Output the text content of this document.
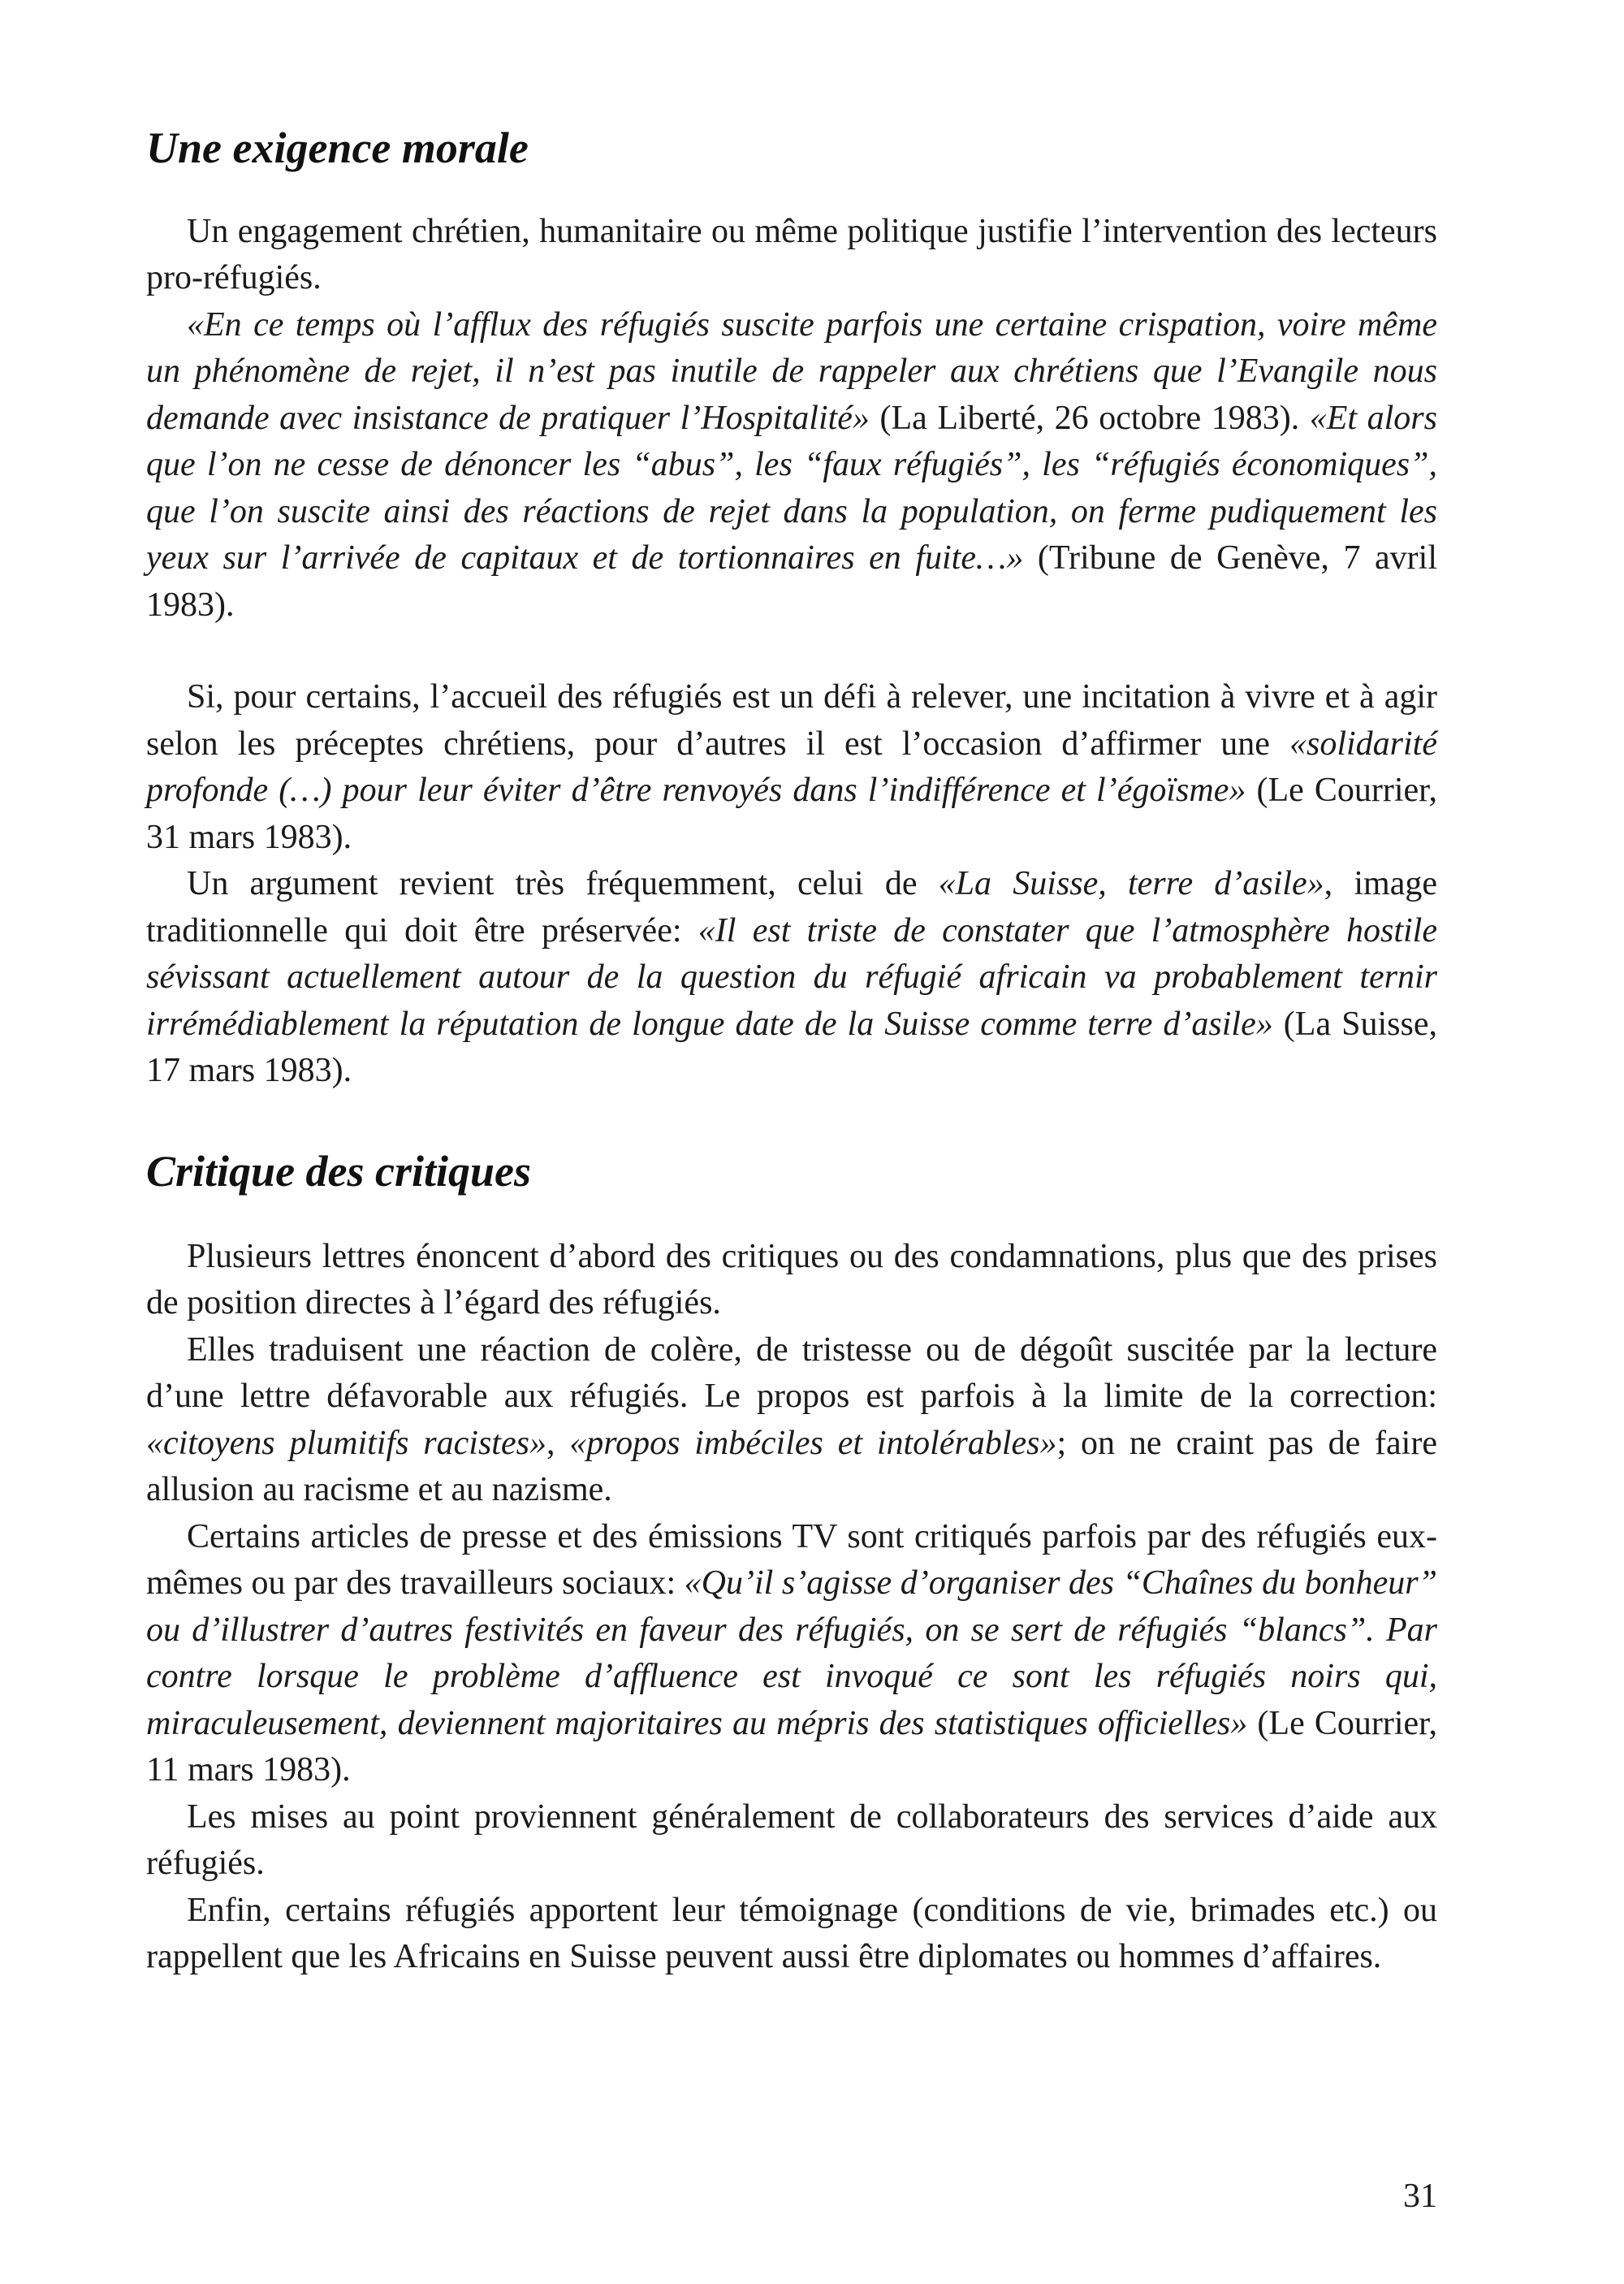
Une exigence morale

Un engagement chrétien, humanitaire ou même politique justifie l’intervention des lecteurs pro-réfugiés.

«En ce temps où l’afflux des réfugiés suscite parfois une certaine crispation, voire même un phénomène de rejet, il n’est pas inutile de rappeler aux chrétiens que l’Evangile nous demande avec insistance de pratiquer l’Hospitalité» (La Liberté, 26 octobre 1983). «Et alors que l’on ne cesse de dénoncer les “abus”, les “faux réfugiés”, les “réfugiés économiques”, que l’on suscite ainsi des réactions de rejet dans la population, on ferme pudiquement les yeux sur l’arrivée de capitaux et de tortionnaires en fuite…» (Tribune de Genève, 7 avril 1983).

Si, pour certains, l’accueil des réfugiés est un défi à relever, une incitation à vivre et à agir selon les préceptes chrétiens, pour d’autres il est l’occasion d’affirmer une «solidarité profonde (…) pour leur éviter d’être renvoyés dans l’indifférence et l’égoïsme» (Le Courrier, 31 mars 1983).

Un argument revient très fréquemment, celui de «La Suisse, terre d’asile», image traditionnelle qui doit être préservée: «Il est triste de constater que l’atmosphère hostile sévissant actuellement autour de la question du réfugié africain va probablement ternir irrémédiablement la réputation de longue date de la Suisse comme terre d’asile» (La Suisse, 17 mars 1983).

Critique des critiques

Plusieurs lettres énoncent d’abord des critiques ou des condamnations, plus que des prises de position directes à l’égard des réfugiés.

Elles traduisent une réaction de colère, de tristesse ou de dégoût suscitée par la lecture d’une lettre défavorable aux réfugiés. Le propos est parfois à la limite de la correction: «citoyens plumitifs racistes», «propos imbéciles et intolérables»; on ne craint pas de faire allusion au racisme et au nazisme.

Certains articles de presse et des émissions TV sont critiqués parfois par des réfugiés eux-mêmes ou par des travailleurs sociaux: «Qu’il s’agisse d’organiser des “Chaînes du bonheur” ou d’illustrer d’autres festivités en faveur des réfugiés, on se sert de réfugiés “blancs”. Par contre lorsque le problème d’affluence est invoqué ce sont les réfugiés noirs qui, miraculeusement, deviennent majoritaires au mépris des statistiques officielles» (Le Courrier, 11 mars 1983).

Les mises au point proviennent généralement de collaborateurs des services d’aide aux réfugiés.

Enfin, certains réfugiés apportent leur témoignage (conditions de vie, brimades etc.) ou rappellent que les Africains en Suisse peuvent aussi être diplomates ou hommes d’affaires.

31
